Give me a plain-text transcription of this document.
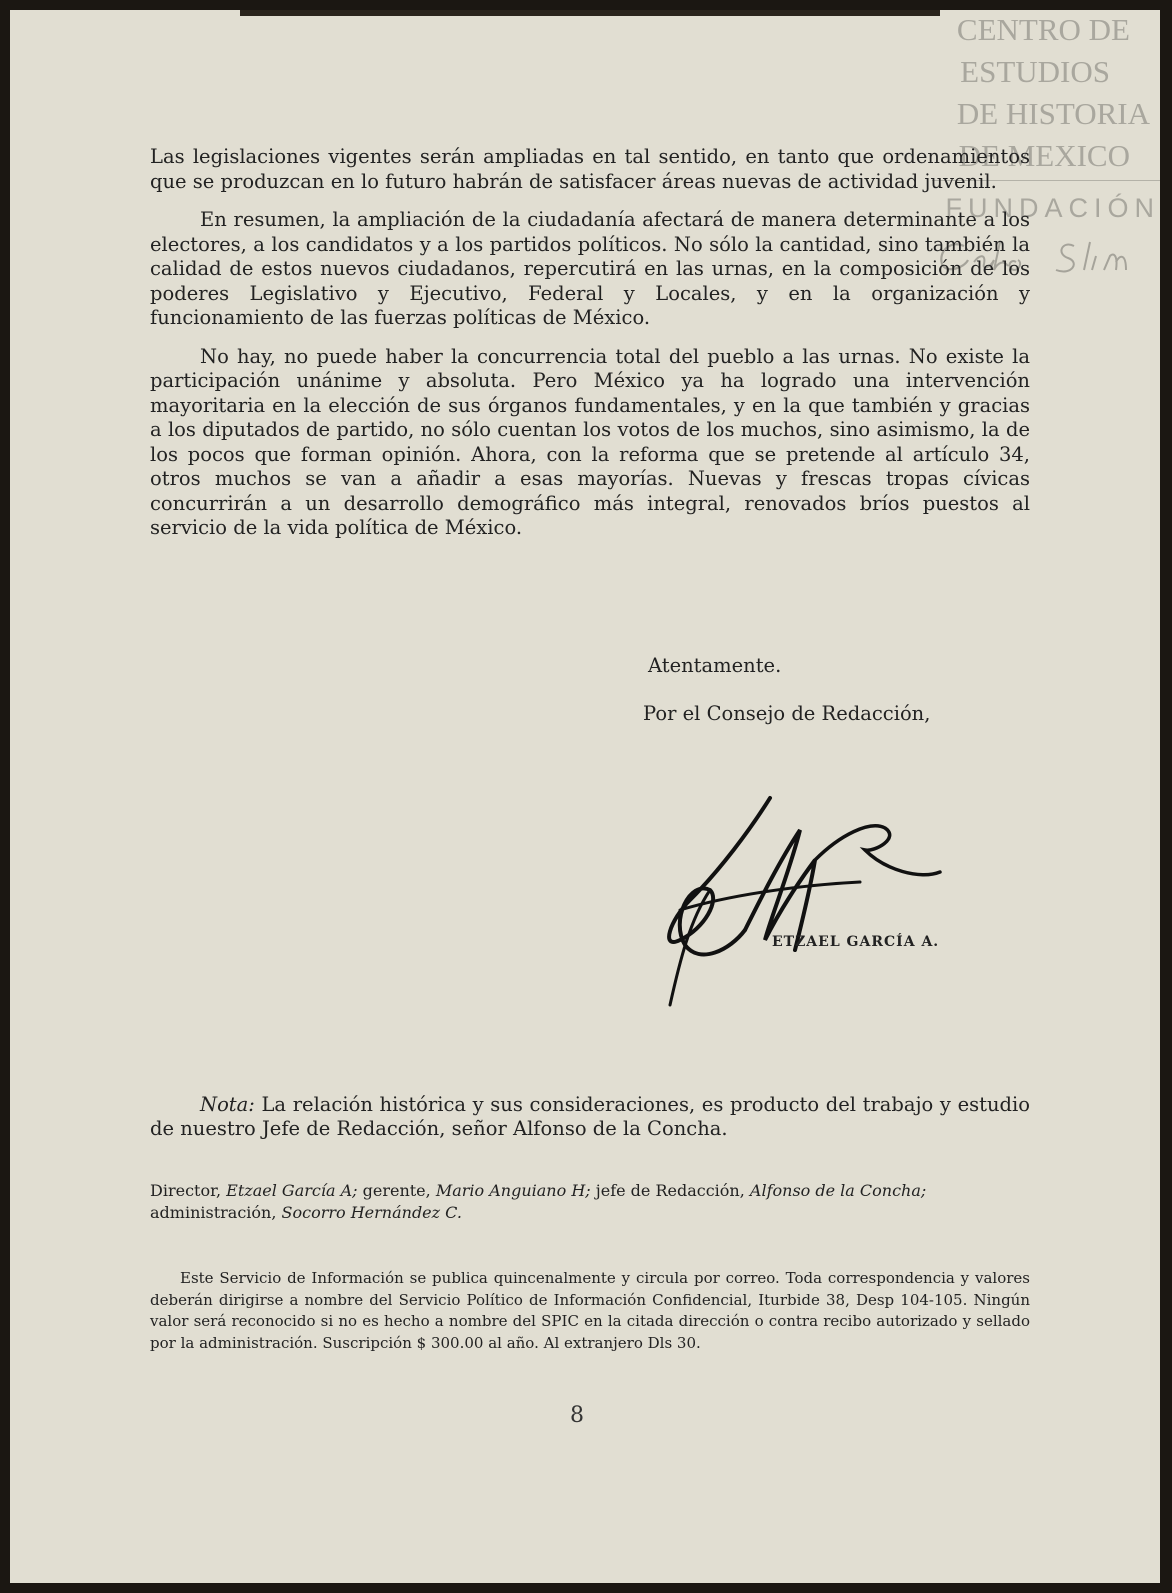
CENTRO DE
ESTUDIOS
DE HISTORIA
DE MEXICO
FUNDACIÓN

Las legislaciones vigentes serán ampliadas en tal sentido, en tanto que ordenamientos que se produzcan en lo futuro habrán de satisfacer áreas nuevas de actividad juvenil.

En resumen, la ampliación de la ciudadanía afectará de manera determinante a los electores, a los candidatos y a los partidos políticos. No sólo la cantidad, sino también la calidad de estos nuevos ciudadanos, repercutirá en las urnas, en la composición de los poderes Legislativo y Ejecutivo, Federal y Locales, y en la organización y funcionamiento de las fuerzas políticas de México.

No hay, no puede haber la concurrencia total del pueblo a las urnas. No existe la participación unánime y absoluta. Pero México ya ha logrado una intervención mayoritaria en la elección de sus órganos fundamentales, y en la que también y gracias a los diputados de partido, no sólo cuentan los votos de los muchos, sino asimismo, la de los pocos que forman opinión. Ahora, con la reforma que se pretende al artículo 34, otros muchos se van a añadir a esas mayorías. Nuevas y frescas tropas cívicas concurrirán a un desarrollo demográfico más integral, renovados bríos puestos al servicio de la vida política de México.

Atentamente.
Por el Consejo de Redacción,
ETZAEL GARCÍA A.

Nota: La relación histórica y sus consideraciones, es producto del trabajo y estudio de nuestro Jefe de Redacción, señor Alfonso de la Concha.

Director, Etzael García A; gerente, Mario Anguiano H; jefe de Redacción, Alfonso de la Concha; administración, Socorro Hernández C.

Este Servicio de Información se publica quincenalmente y circula por correo. Toda correspondencia y valores deberán dirigirse a nombre del Servicio Político de Información Confidencial, Iturbide 38, Desp 104-105. Ningún valor será reconocido si no es hecho a nombre del SPIC en la citada dirección o contra recibo autorizado y sellado por la administración. Suscripción $ 300.00 al año. Al extranjero Dls 30.

8
